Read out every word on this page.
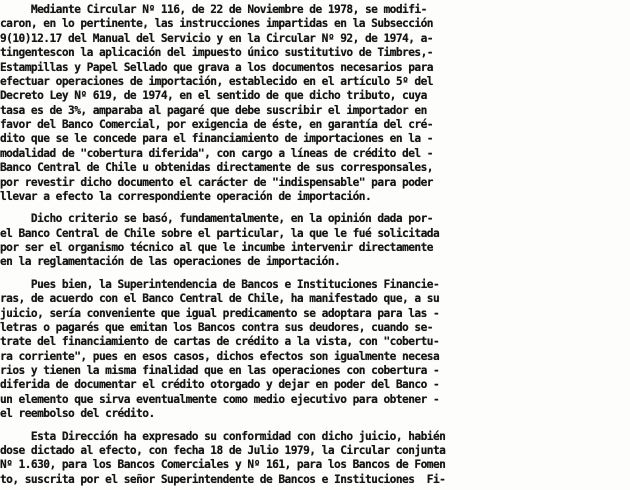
Mediante Circular Nº 116, de 22 de Noviembre de 1978, se modifi-
caron, en lo pertinente, las instrucciones impartidas en la Subsección
9(10)12.17 del Manual del Servicio y en la Circular Nº 92, de 1974, a-
tingentescon la aplicación del impuesto único sustitutivo de Timbres,-
Estampillas y Papel Sellado que grava a los documentos necesarios para
efectuar operaciones de importación, establecido en el artículo 5º del
Decreto Ley Nº 619, de 1974, en el sentido de que dicho tributo, cuya
tasa es de 3%, amparaba al pagaré que debe suscribir el importador en
favor del Banco Comercial, por exigencia de éste, en garantía del cré-
dito que se le concede para el financiamiento de importaciones en la -
modalidad de "cobertura diferida", con cargo a líneas de crédito del -
Banco Central de Chile u obtenidas directamente de sus corresponsales,
por revestir dicho documento el carácter de "indispensable" para poder
llevar a efecto la correspondiente operación de importación.
Dicho criterio se basó, fundamentalmente, en la opinión dada por-
el Banco Central de Chile sobre el particular, la que le fué solicitada
por ser el organismo técnico al que le incumbe intervenir directamente
en la reglamentación de las operaciones de importación.
Pues bien, la Superintendencia de Bancos e Instituciones Financie-
ras, de acuerdo con el Banco Central de Chile, ha manifestado que, a su
juicio, sería conveniente que igual predicamento se adoptara para las -
letras o pagarés que emitan los Bancos contra sus deudores, cuando se-
trate del financiamiento de cartas de crédito a la vista, con "cobertu-
ra corriente", pues en esos casos, dichos efectos son igualmente necesa
rios y tienen la misma finalidad que en las operaciones con cobertura -
diferida de documentar el crédito otorgado y dejar en poder del Banco -
un elemento que sirva eventualmente como medio ejecutivo para obtener -
el reembolso del crédito.
Esta Dirección ha expresado su conformidad con dicho juicio, habién
dose dictado al efecto, con fecha 18 de Julio 1979, la Circular conjunta
Nº 1.630, para los Bancos Comerciales y Nº 161, para los Bancos de Fomen
to, suscrita por el señor Superintendente de Bancos e Instituciones  Fi-
